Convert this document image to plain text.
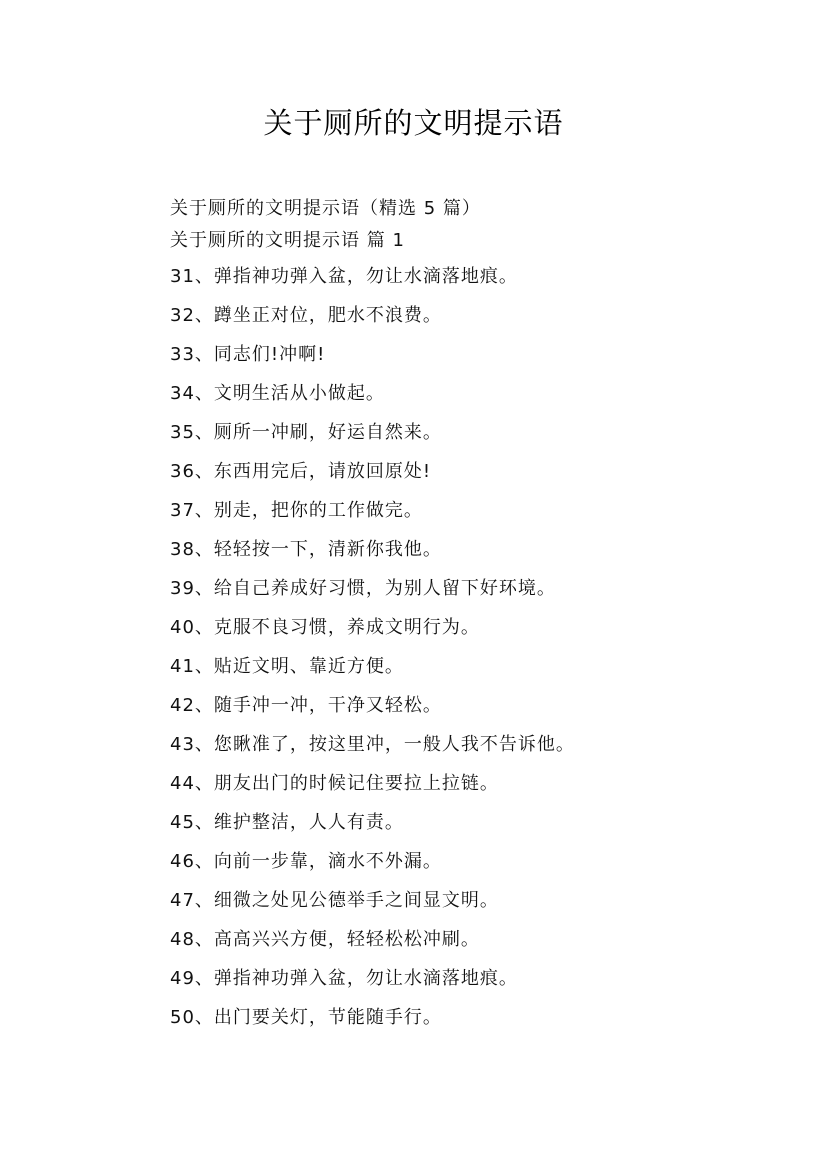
关于厕所的文明提示语
关于厕所的文明提示语（精选 5 篇）
关于厕所的文明提示语 篇 1
31、弹指神功弹入盆，勿让水滴落地痕。
32、蹲坐正对位，肥水不浪费。
33、同志们!冲啊!
34、文明生活从小做起。
35、厕所一冲刷，好运自然来。
36、东西用完后，请放回原处!
37、别走，把你的工作做完。
38、轻轻按一下，清新你我他。
39、给自己养成好习惯，为别人留下好环境。
40、克服不良习惯，养成文明行为。
41、贴近文明、靠近方便。
42、随手冲一冲，干净又轻松。
43、您瞅准了，按这里冲，一般人我不告诉他。
44、朋友出门的时候记住要拉上拉链。
45、维护整洁，人人有责。
46、向前一步靠，滴水不外漏。
47、细微之处见公德举手之间显文明。
48、高高兴兴方便，轻轻松松冲刷。
49、弹指神功弹入盆，勿让水滴落地痕。
50、出门要关灯，节能随手行。
